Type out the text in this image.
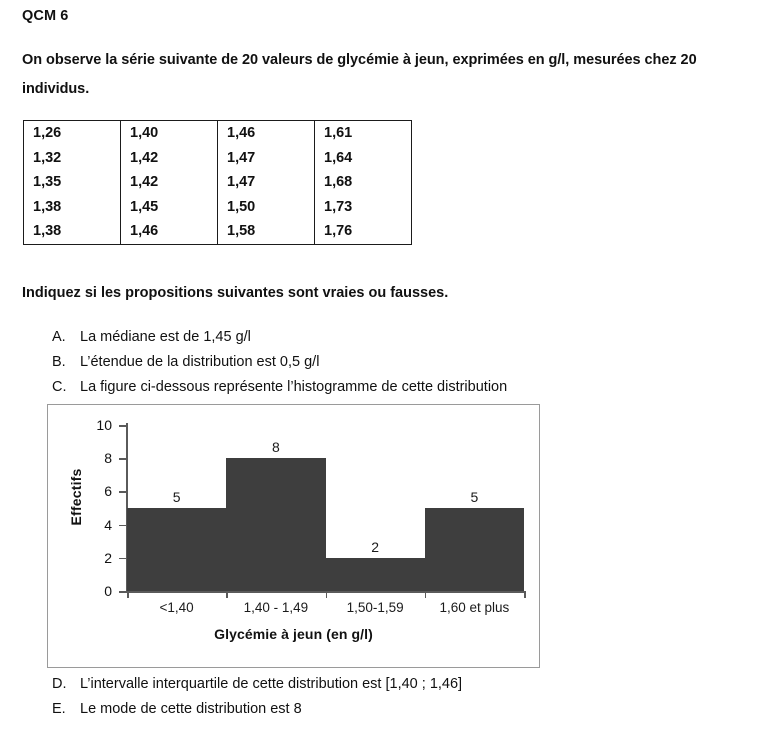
QCM 6
On observe la série suivante de 20 valeurs de glycémie à jeun, exprimées en g/l, mesurées chez 20 individus.
1,26	1,40	1,46	1,61
1,32	1,42	1,47	1,64
1,35	1,42	1,47	1,68
1,38	1,45	1,50	1,73
1,38	1,46	1,58	1,76
Indiquez si les propositions suivantes sont vraies ou fausses.
A. La médiane est de 1,45 g/l
B. L’étendue de la distribution est 0,5 g/l
C. La figure ci-dessous représente l’histogramme de cette distribution
Effectifs
0
2
4
6
8
10
5
8
2
5
<1,40	1,40 - 1,49	1,50-1,59	1,60 et plus
Glycémie à jeun (en g/l)
D. L’intervalle interquartile de cette distribution est [1,40 ; 1,46]
E. Le mode de cette distribution est 8
